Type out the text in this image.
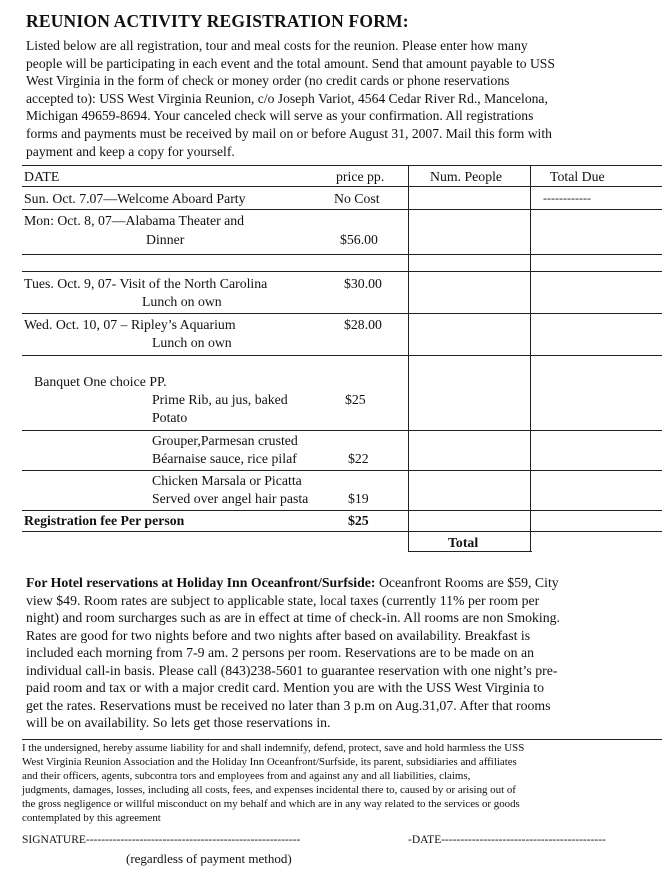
REUNION ACTIVITY REGISTRATION FORM:
Listed below are all registration, tour and meal costs for the reunion. Please enter how many
people will be participating in each event and the total amount. Send that amount payable to USS
West Virginia in the form of check or money order (no credit cards or phone reservations
accepted to): USS West Virginia Reunion, c/o Joseph Variot, 4564 Cedar River Rd., Mancelona,
Michigan 49659-8694. Your canceled check will serve as your confirmation. All registrations
forms and payments must be received by mail on or before August 31, 2007. Mail this form with
payment and keep a copy for yourself.
DATE	price pp.	Num. People	Total Due
Sun. Oct. 7.07—Welcome Aboard Party	No Cost	------------
Mon: Oct. 8, 07—Alabama Theater and
Dinner	$56.00
Tues. Oct. 9, 07- Visit of the North Carolina
Lunch on own
$30.00
Wed. Oct. 10, 07 – Ripley’s Aquarium
Lunch on own
$28.00
Banquet One choice PP.
Prime Rib, au jus, baked
Potato
$25
Grouper,Parmesan crusted
Béarnaise sauce, rice pilaf	$22
Chicken Marsala or Picatta
Served over angel hair pasta	$19
Registration fee Per person	$25
Total
For Hotel reservations at Holiday Inn Oceanfront/Surfside: Oceanfront Rooms are $59, City
view $49. Room rates are subject to applicable state, local taxes (currently 11% per room per
night) and room surcharges such as are in effect at time of check-in. All rooms are non Smoking.
Rates are good for two nights before and two nights after based on availability. Breakfast is
included each morning from 7-9 am. 2 persons per room. Reservations are to be made on an
individual call-in basis. Please call (843)238-5601 to guarantee reservation with one night’s pre-
paid room and tax or with a major credit card. Mention you are with the USS West Virginia to
get the rates. Reservations must be received no later than 3 p.m on Aug.31,07. After that rooms
will be on availability. So lets get those reservations in.
I the undersigned, hereby assume liability for and shall indemnify, defend, protect, save and hold harmless the USS
West Virginia Reunion Association and the Holiday Inn Oceanfront/Surfside, its parent, subsidiaries and affiliates
and their officers, agents, subcontra tors and employees from and against any and all liabilities, claims,
judgments, damages, losses, including all costs, fees, and expenses incidental there to, caused by or arising out of
the gross negligence or willful misconduct on my behalf and which are in any way related to the services or goods
contemplated by this agreement
SIGNATURE--------------------------------------------------------	-DATE-------------------------------------------
(regardless of payment method)
